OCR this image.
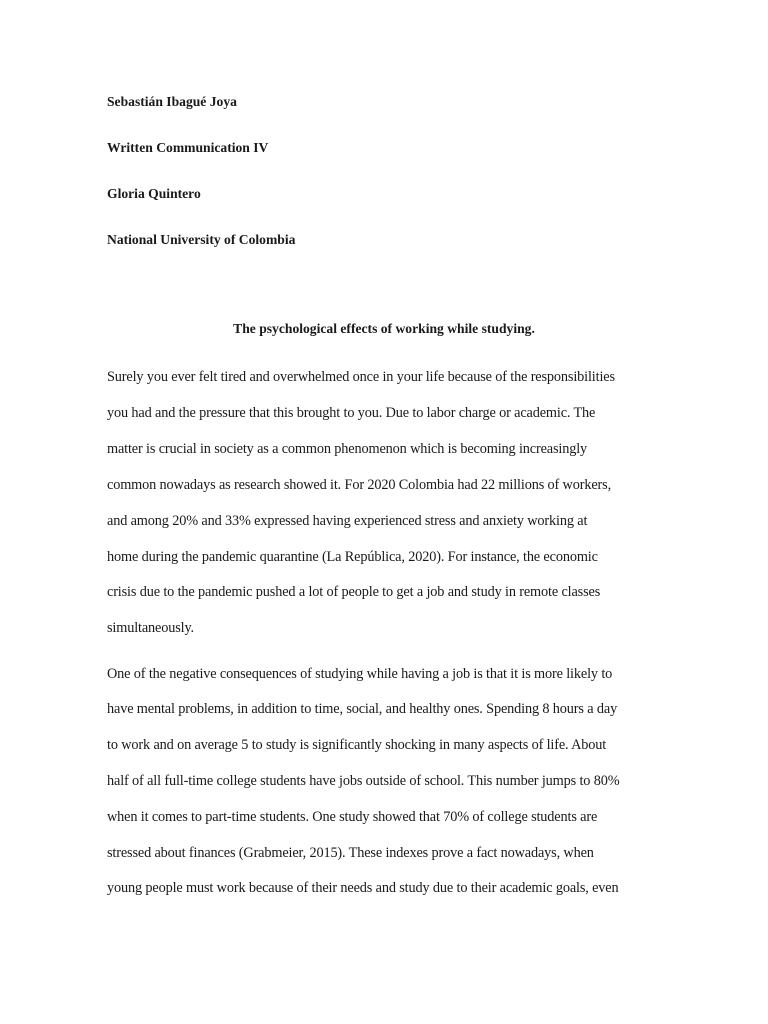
Sebastián Ibagué Joya
Written Communication IV
Gloria Quintero
National University of Colombia
The psychological effects of working while studying.
Surely you ever felt tired and overwhelmed once in your life because of the responsibilities
you had and the pressure that this brought to you. Due to labor charge or academic. The
matter is crucial in society as a common phenomenon which is becoming increasingly
common nowadays as research showed it. For 2020 Colombia had 22 millions of workers,
and among 20% and 33% expressed having experienced stress and anxiety working at
home during the pandemic quarantine (La República, 2020). For instance, the economic
crisis due to the pandemic pushed a lot of people to get a job and study in remote classes
simultaneously.
One of the negative consequences of studying while having a job is that it is more likely to
have mental problems, in addition to time, social, and healthy ones. Spending 8 hours a day
to work and on average 5 to study is significantly shocking in many aspects of life. About
half of all full-time college students have jobs outside of school. This number jumps to 80%
when it comes to part-time students. One study showed that 70% of college students are
stressed about finances (Grabmeier, 2015). These indexes prove a fact nowadays, when
young people must work because of their needs and study due to their academic goals, even
